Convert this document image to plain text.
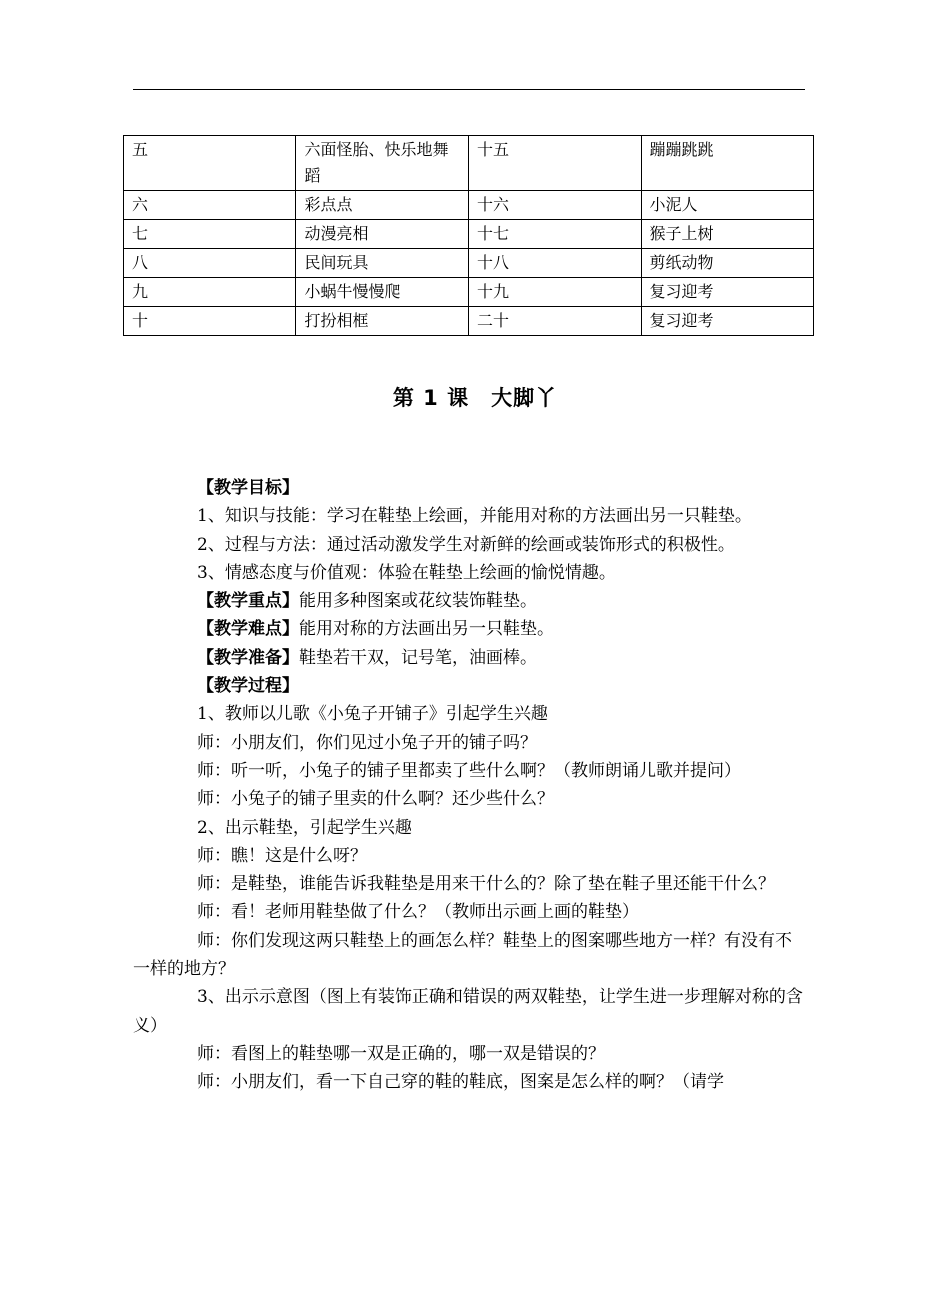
五	六面怪胎、快乐地舞蹈	十五	蹦蹦跳跳
六	彩点点	十六	小泥人
七	动漫亮相	十七	猴子上树
八	民间玩具	十八	剪纸动物
九	小蜗牛慢慢爬	十九	复习迎考
十	打扮相框	二十	复习迎考
第 1 课　大脚丫

【教学目标】

1、知识与技能：学习在鞋垫上绘画，并能用对称的方法画出另一只鞋垫。

2、过程与方法：通过活动激发学生对新鲜的绘画或装饰形式的积极性。

3、情感态度与价值观：体验在鞋垫上绘画的愉悦情趣。

【教学重点】能用多种图案或花纹装饰鞋垫。

【教学难点】能用对称的方法画出另一只鞋垫。

【教学准备】鞋垫若干双，记号笔，油画棒。

【教学过程】

1、教师以儿歌《小兔子开铺子》引起学生兴趣

师：小朋友们，你们见过小兔子开的铺子吗？

师：听一听，小兔子的铺子里都卖了些什么啊？（教师朗诵儿歌并提问）

师：小兔子的铺子里卖的什么啊？还少些什么？

2、出示鞋垫，引起学生兴趣

师：瞧！这是什么呀？

师：是鞋垫，谁能告诉我鞋垫是用来干什么的？除了垫在鞋子里还能干什么？

师：看！老师用鞋垫做了什么？（教师出示画上画的鞋垫）

师：你们发现这两只鞋垫上的画怎么样？鞋垫上的图案哪些地方一样？有没有不一样的地方？

3、出示示意图（图上有装饰正确和错误的两双鞋垫，让学生进一步理解对称的含义）

师：看图上的鞋垫哪一双是正确的，哪一双是错误的？

师：小朋友们，看一下自己穿的鞋的鞋底，图案是怎么样的啊？（请学
